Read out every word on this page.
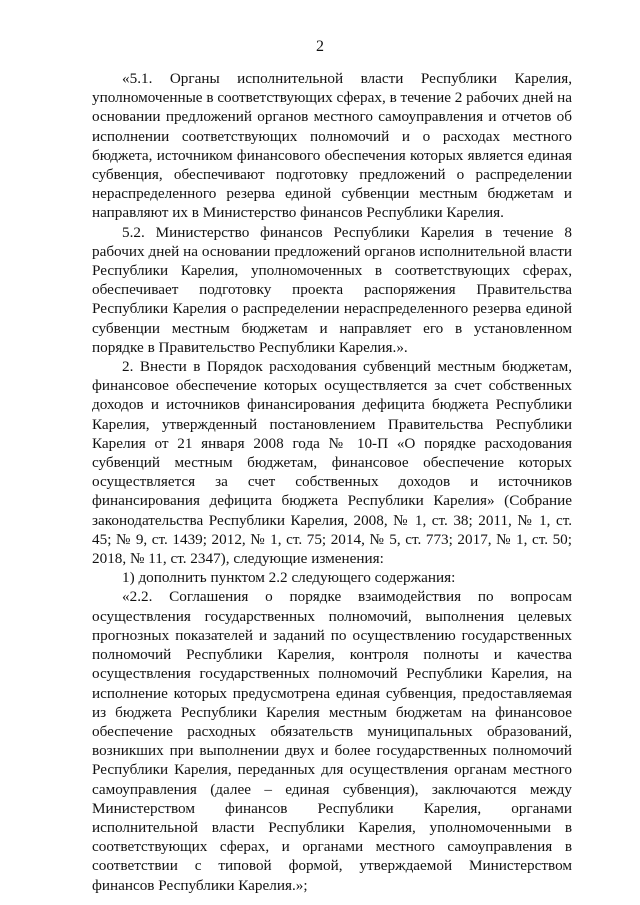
2

«5.1. Органы исполнительной власти Республики Карелия, уполномоченные в соответствующих сферах, в течение 2 рабочих дней на основании предложений органов местного самоуправления и отчетов об исполнении соответствующих полномочий и о расходах местного бюджета, источником финансового обеспечения которых является единая субвенция, обеспечивают подготовку предложений о распределении нераспределенного резерва единой субвенции местным бюджетам и направляют их в Министерство финансов Республики Карелия.

5.2. Министерство финансов Республики Карелия в течение 8 рабочих дней на основании предложений органов исполнительной власти Республики Карелия, уполномоченных в соответствующих сферах, обеспечивает подготовку проекта распоряжения Правительства Республики Карелия о распределении нераспределенного резерва единой субвенции местным бюджетам и направляет его в установленном порядке в Правительство Республики Карелия.».

2. Внести в Порядок расходования субвенций местным бюджетам, финансовое обеспечение которых осуществляется за счет собственных доходов и источников финансирования дефицита бюджета Республики Карелия, утвержденный постановлением Правительства Республики Карелия от 21 января 2008 года № 10-П «О порядке расходования субвенций местным бюджетам, финансовое обеспечение которых осуществляется за счет собственных доходов и источников финансирования дефицита бюджета Республики Карелия» (Собрание законодательства Республики Карелия, 2008, № 1, ст. 38; 2011, № 1, ст. 45; № 9, ст. 1439; 2012, № 1, ст. 75; 2014, № 5, ст. 773; 2017, № 1, ст. 50; 2018, № 11, ст. 2347), следующие изменения:

1) дополнить пунктом 2.2 следующего содержания:

«2.2. Соглашения о порядке взаимодействия по вопросам осуществления государственных полномочий, выполнения целевых прогнозных показателей и заданий по осуществлению государственных полномочий Республики Карелия, контроля полноты и качества осуществления государственных полномочий Республики Карелия, на исполнение которых предусмотрена единая субвенция, предоставляемая из бюджета Республики Карелия местным бюджетам на финансовое обеспечение расходных обязательств муниципальных образований, возникших при выполнении двух и более государственных полномочий Республики Карелия, переданных для осуществления органам местного самоуправления (далее – единая субвенция), заключаются между Министерством финансов Республики Карелия, органами исполнительной власти Республики Карелия, уполномоченными в соответствующих сферах, и органами местного самоуправления в соответствии с типовой формой, утверждаемой Министерством финансов Республики Карелия.»;
